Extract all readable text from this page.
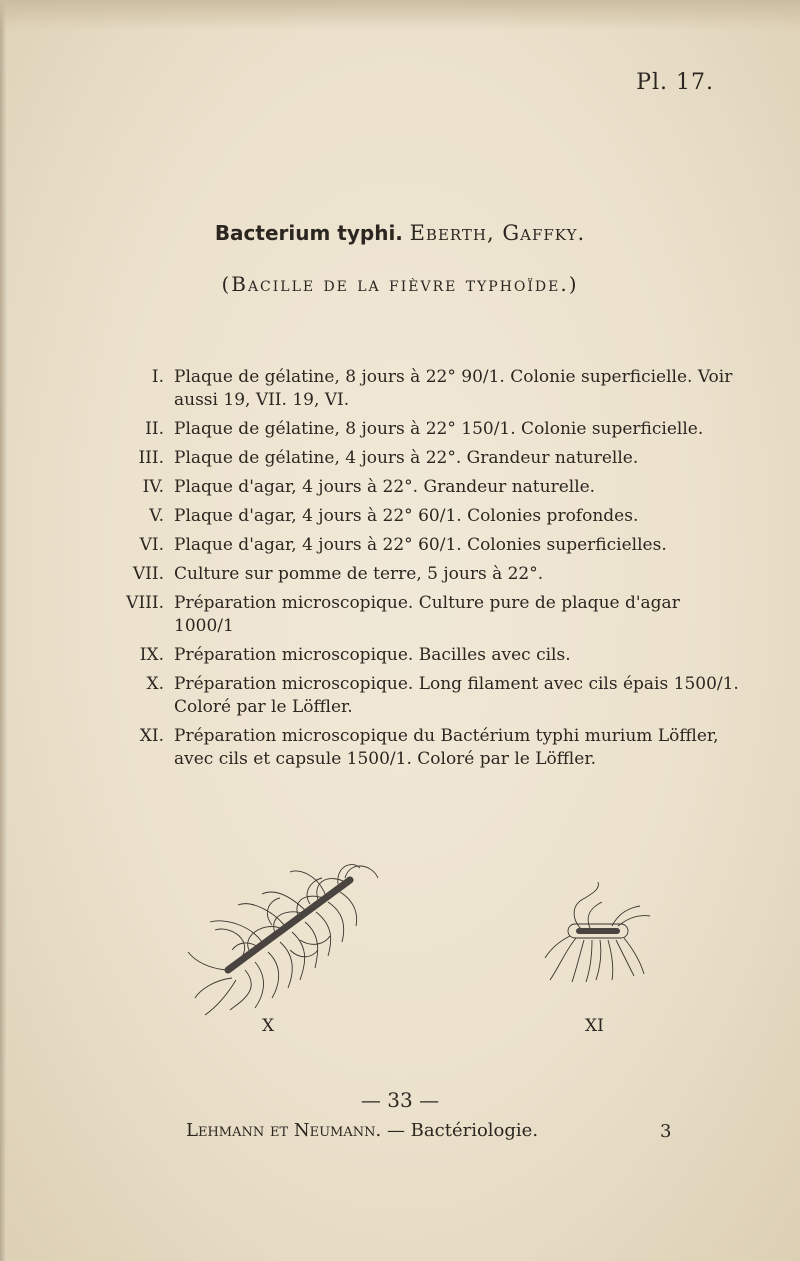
Pl. 17.
Bacterium typhi. Eberth, Gaffky.
(Bacille de la fièvre typhoïde.)
I. Plaque de gélatine, 8 jours à 22° 90/1. Colonie superficielle. Voir aussi 19, VII. 19, VI.
II. Plaque de gélatine, 8 jours à 22° 150/1. Colonie superficielle.
III. Plaque de gélatine, 4 jours à 22°. Grandeur naturelle.
IV. Plaque d'agar, 4 jours à 22°. Grandeur naturelle.
V. Plaque d'agar, 4 jours à 22° 60/1. Colonies profondes.
VI. Plaque d'agar, 4 jours à 22° 60/1. Colonies superficielles.
VII. Culture sur pomme de terre, 5 jours à 22°.
VIII. Préparation microscopique. Culture pure de plaque d'agar 1000/1
IX. Préparation microscopique. Bacilles avec cils.
X. Préparation microscopique. Long filament avec cils épais 1500/1. Coloré par le Löffler.
XI. Préparation microscopique du Bactérium typhi murium Löffler, avec cils et capsule 1500/1. Coloré par le Löffler.
X	XI
— 33 —
Lehmann et Neumann. — Bactériologie.	3
